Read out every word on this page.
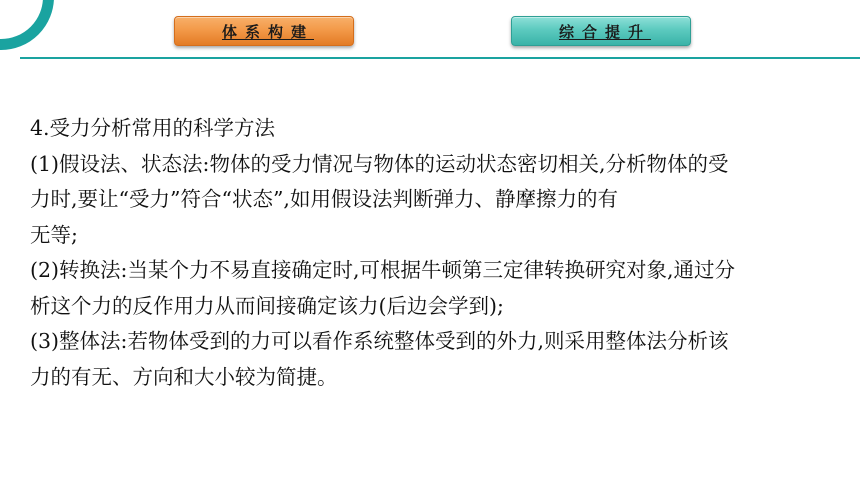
体系构建	综合提升

4.受力分析常用的科学方法

(1)假设法、状态法:物体的受力情况与物体的运动状态密切相关,分析物体的受

力时,要让“受力”符合“状态”,如用假设法判断弹力、静摩擦力的有

无等;

(2)转换法:当某个力不易直接确定时,可根据牛顿第三定律转换研究对象,通过分

析这个力的反作用力从而间接确定该力(后边会学到);

(3)整体法:若物体受到的力可以看作系统整体受到的外力,则采用整体法分析该

力的有无、方向和大小较为简捷。
